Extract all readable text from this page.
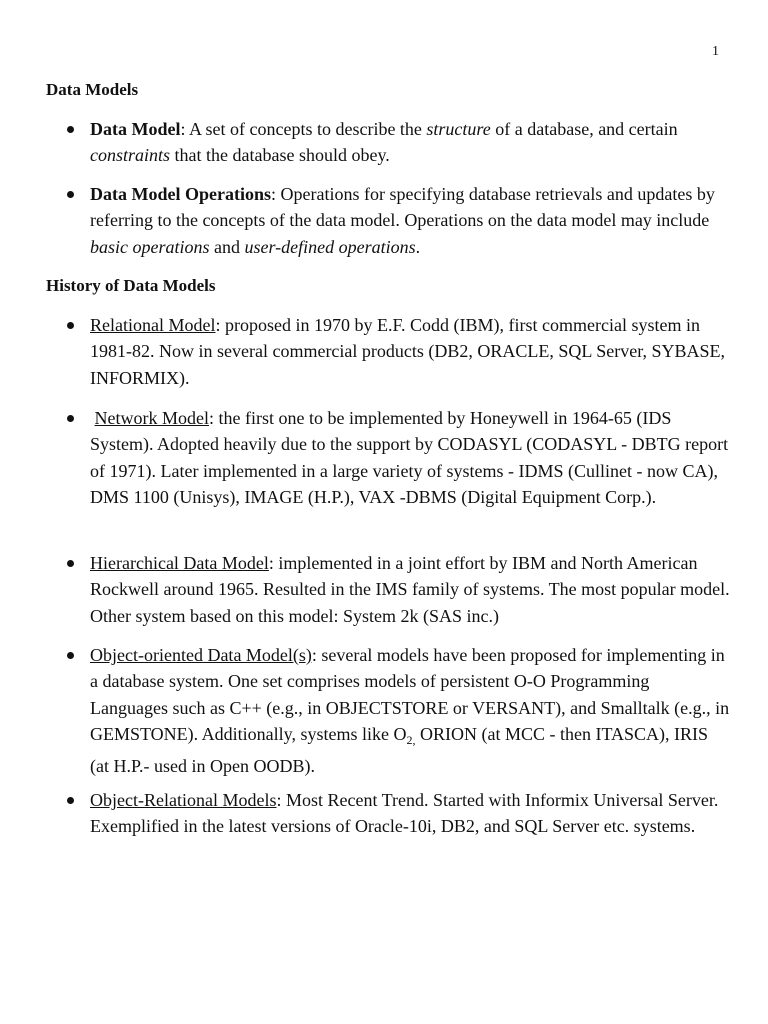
1
Data Models
Data Model: A set of concepts to describe the structure of a database, and certain constraints that the database should obey.
Data Model Operations: Operations for specifying database retrievals and updates by referring to the concepts of the data model. Operations on the data model may include basic operations and user-defined operations.
History of Data Models
Relational Model: proposed in 1970 by E.F. Codd (IBM), first commercial system in 1981-82. Now in several commercial products (DB2, ORACLE, SQL Server, SYBASE, INFORMIX).
Network Model: the first one to be implemented by Honeywell in 1964-65 (IDS System). Adopted heavily due to the support by CODASYL (CODASYL - DBTG report of 1971). Later implemented in a large variety of systems - IDMS (Cullinet - now CA), DMS 1100 (Unisys), IMAGE (H.P.), VAX -DBMS (Digital Equipment Corp.).
Hierarchical Data Model: implemented in a joint effort by IBM and North American Rockwell around 1965. Resulted in the IMS family of systems. The most popular model. Other system based on this model: System 2k (SAS inc.)
Object-oriented Data Model(s): several models have been proposed for implementing in a database system. One set comprises models of persistent O-O Programming Languages such as C++ (e.g., in OBJECTSTORE or VERSANT), and Smalltalk (e.g., in GEMSTONE). Additionally, systems like $O_{2,}$ ORION (at MCC - then ITASCA), IRIS (at H.P.- used in Open OODB).
Object-Relational Models: Most Recent Trend. Started with Informix Universal Server. Exemplified in the latest versions of Oracle-10i, DB2, and SQL Server etc. systems.
